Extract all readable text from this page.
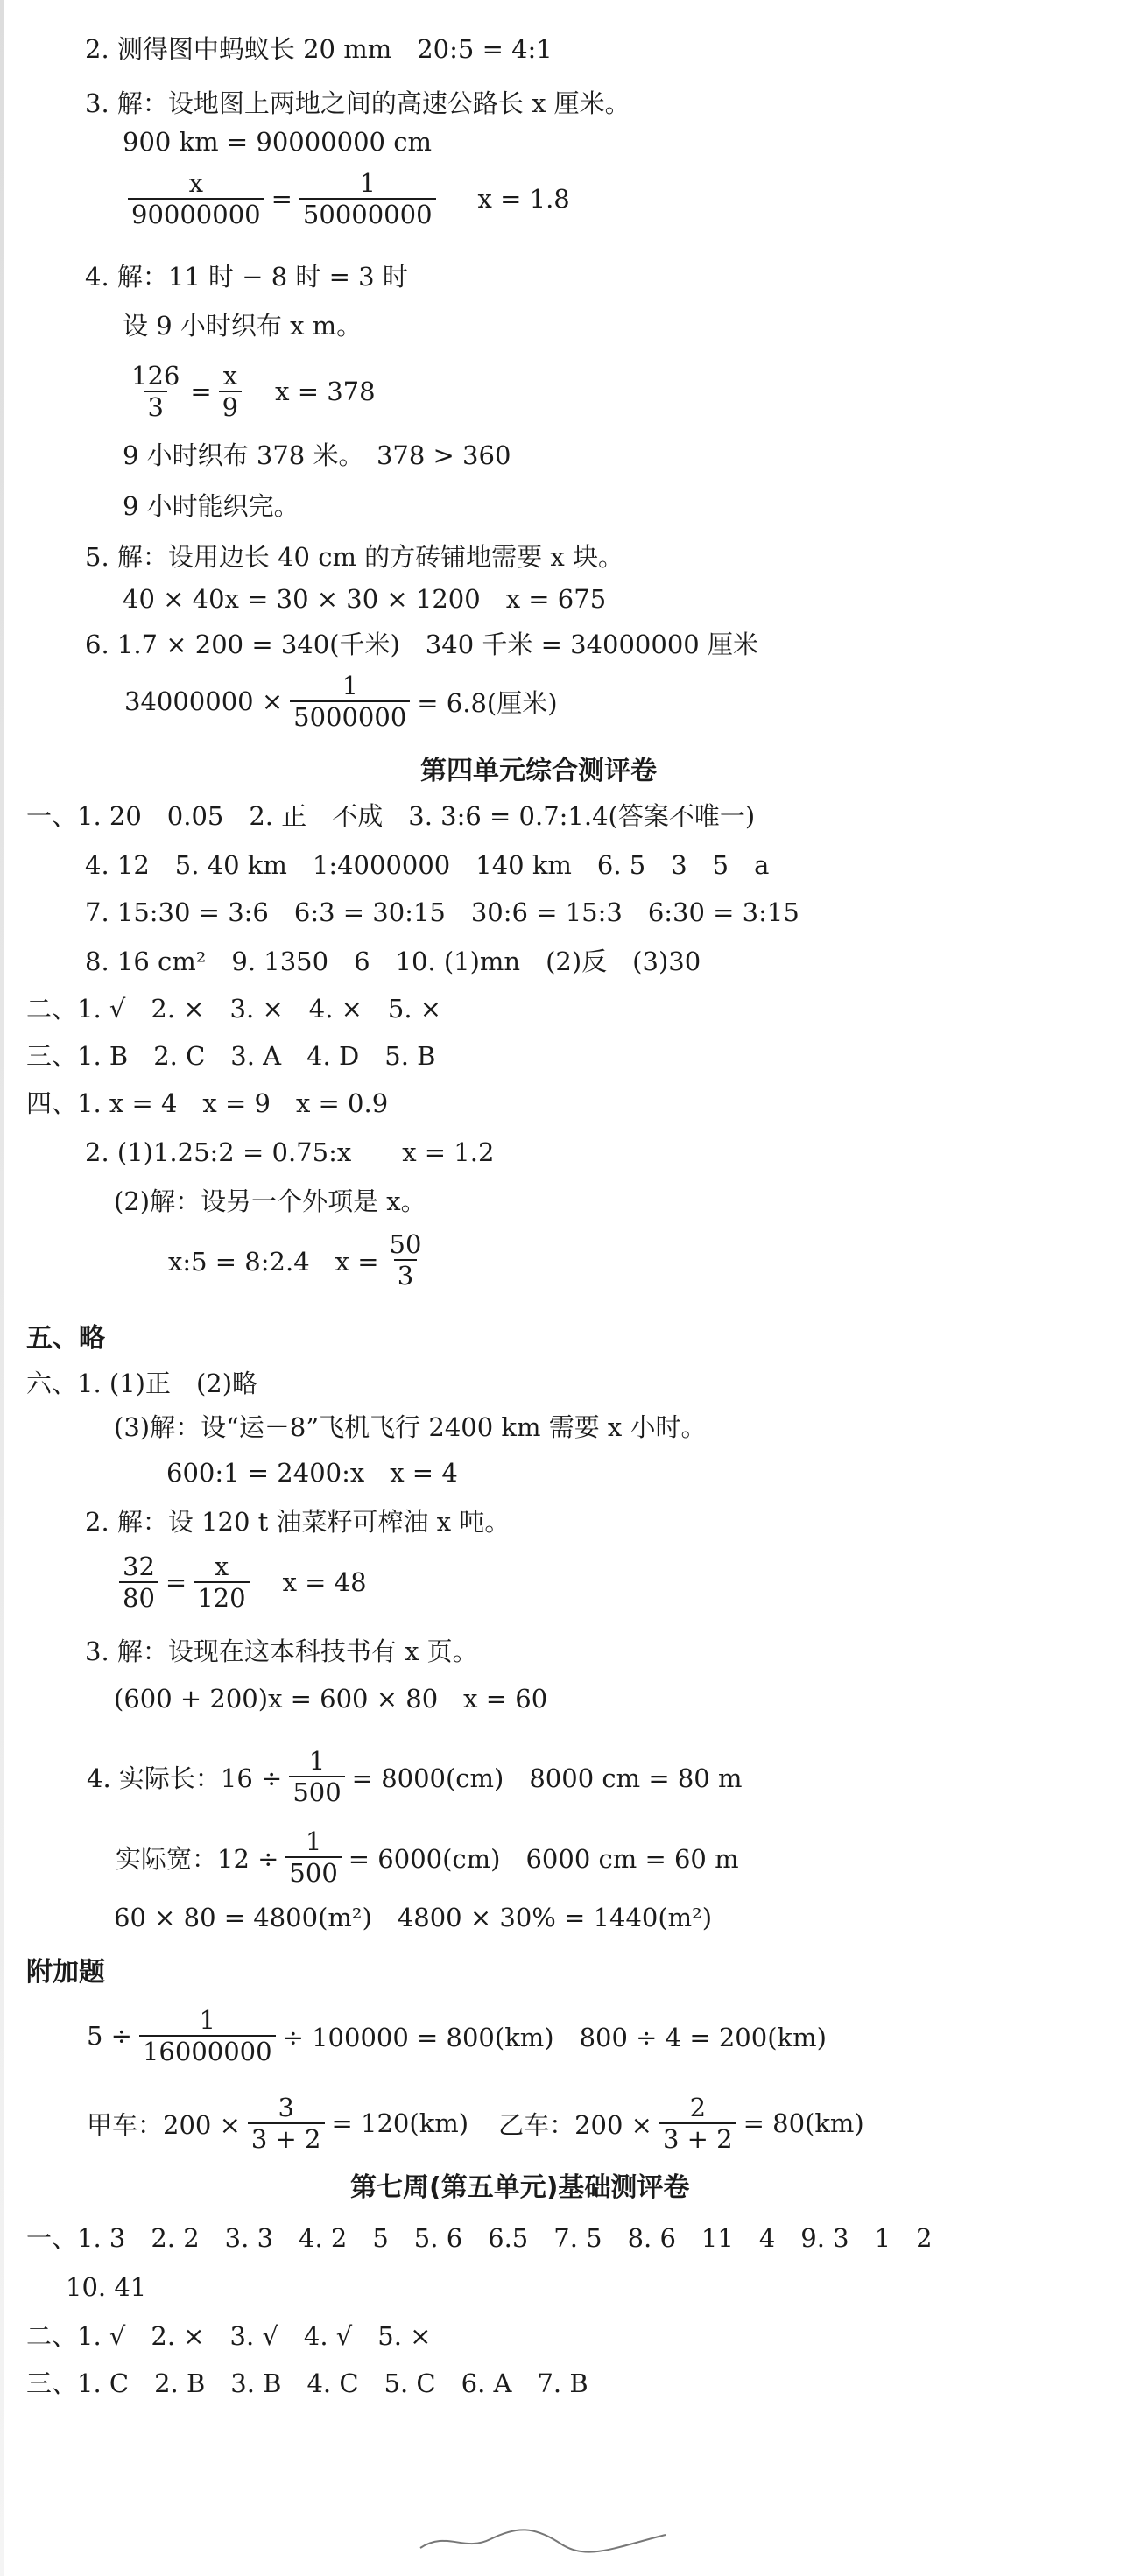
2. 测得图中蚂蚁长 20 mm　20:5 = 4:1
3. 解：设地图上两地之间的高速公路长 x 厘米。
900 km = 90000000 cm
$\frac{x}{90000000} = \frac{1}{50000000}$ x = 1.8
4. 解：11 时 − 8 时 = 3 时
设 9 小时织布 x m。
$\frac{126}{3} = \frac{x}{9}$ x = 378
9 小时织布 378 米。　378 > 360
9 小时能织完。
5. 解：设用边长 40 cm 的方砖铺地需要 x 块。
40 × 40x = 30 × 30 × 1200　x = 675
6. 1.7 × 200 = 340(千米)　340 千米 = 34000000 厘米
$34000000 \times \frac{1}{5000000} = 6.8$(厘米)
第四单元综合测评卷
一、1. 20　0.05　2. 正　不成　3. 3:6 = 0.7:1.4(答案不唯一)
4. 12　5. 40 km　1:4000000　140 km　6. 5　3　5　a
7. 15:30 = 3:6　6:3 = 30:15　30:6 = 15:3　6:30 = 3:15
8. 16 cm²　9. 1350　6　10. (1)mn　(2)反　(3)30
二、1. √　2. ×　3. ×　4. ×　5. ×
三、1. B　2. C　3. A　4. D　5. B
四、1. x = 4　x = 9　x = 0.9
2. (1)1.25:2 = 0.75:x　　x = 1.2
(2)解：设另一个外项是 x。
x:5 = 8:2.4　$x = \frac{50}{3}$
五、略
六、1. (1)正　(2)略
(3)解：设“运－8”飞机飞行 2400 km 需要 x 小时。
600:1 = 2400:x　x = 4
2. 解：设 120 t 油菜籽可榨油 x 吨。
$\frac{32}{80} = \frac{x}{120}$ x = 48
3. 解：设现在这本科技书有 x 页。
(600 + 200)x = 600 × 80　x = 60
4. 实际长：$16 \div \frac{1}{500} = 8000(cm)$　8000 cm = 80 m
实际宽：$12 \div \frac{1}{500} = 6000(cm)$　6000 cm = 60 m
60 × 80 = 4800(m²)　4800 × 30% = 1440(m²)
附加题
$5 \div \frac{1}{16000000} \div 100000 = 800(km)$　800 ÷ 4 = 200(km)
甲车：$200 \times \frac{3}{3 + 2} = 120(km)$ 乙车：$200 \times \frac{2}{3 + 2} = 80(km)$
第七周(第五单元)基础测评卷
一、1. 3　2. 2　3. 3　4. 2　5　5. 6　6.5　7. 5　8. 6　11　4　9. 3　1　2
10. 41
二、1. √　2. ×　3. √　4. √　5. ×
三、1. C　2. B　3. B　4. C　5. C　6. A　7. B
